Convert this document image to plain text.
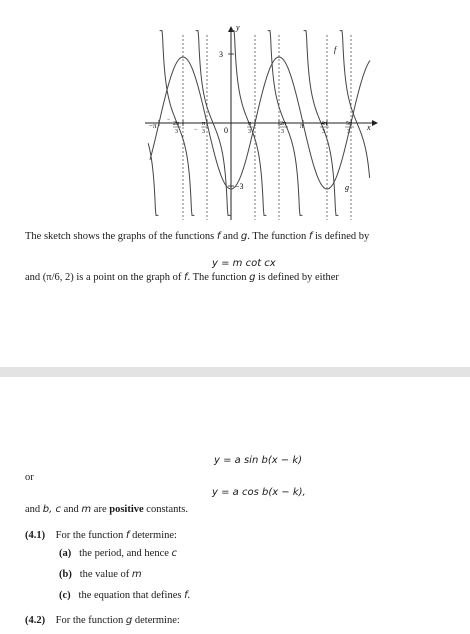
y
x
3
−3
0
f
g
−π
−
2π
3	−
π
3
π
3
2π
3
π	4π
3
5π
3
The sketch shows the graphs of the functions f and g. The function f is defined by
y = m cot cx
and (π/6, 2) is a point on the graph of f. The function g is defined by either
y = a sin b(x − k)
or
y = a cos b(x − k),
and b, c and m are positive constants.
(4.1) For the function f determine:
(a) the period, and hence c
(b) the value of m
(c) the equation that defines f.
(4.2) For the function g determine:
